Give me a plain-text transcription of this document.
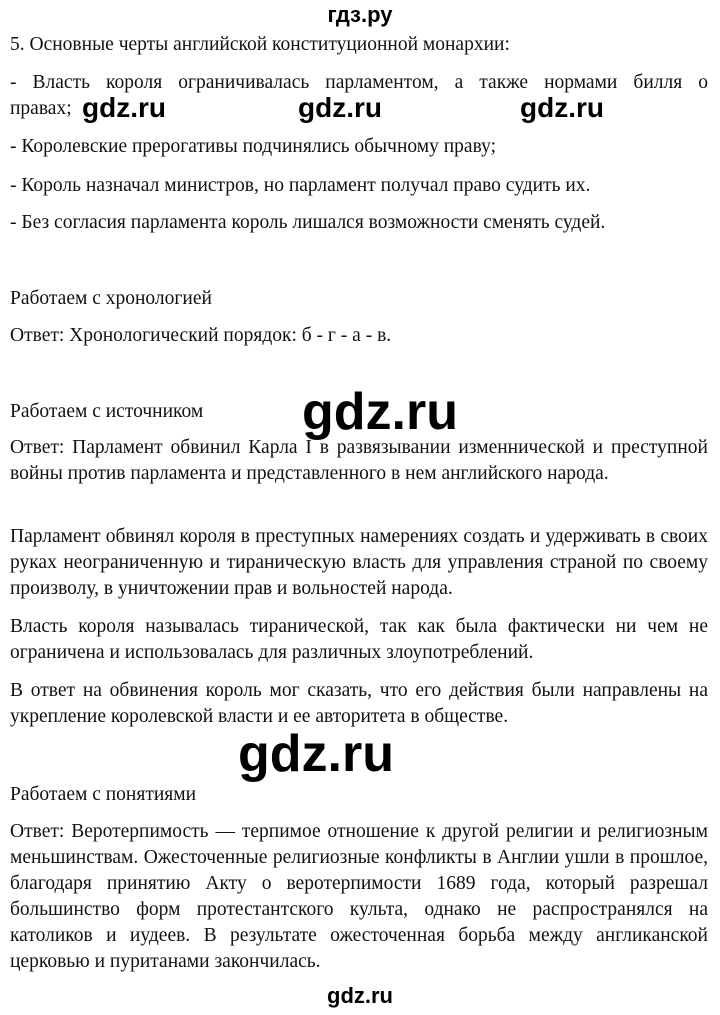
гдз.ру
5. Основные черты английской конституционной монархии:
- Власть короля ограничивалась парламентом, а также нормами билля о
правах; gdz.ru	gdz.ru	gdz.ru
- Королевские прерогативы подчинялись обычному праву;
- Король назначал министров, но парламент получал право судить их.
- Без согласия парламента король лишался возможности сменять судей.
Работаем с хронологией
Ответ: Хронологический порядок: б - г - а - в.
Работаем с источником	gdz.ru

Ответ: Парламент обвинил Карла I в развязывании изменнической и преступной войны против парламента и представленного в нем английского народа.

Парламент обвинял короля в преступных намерениях создать и удерживать в своих руках неограниченную и тираническую власть для управления страной по своему произволу, в уничтожении прав и вольностей народа.

Власть короля называлась тиранической, так как была фактически ни чем не ограничена и использовалась для различных злоупотреблений.

В ответ на обвинения король мог сказать, что его действия были направлены на укрепление королевской власти и ее авторитета в обществе.

gdz.ru
Работаем с понятиями

Ответ: Веротерпимость — терпимое отношение к другой религии и религиозным меньшинствам. Ожесточенные религиозные конфликты в Англии ушли в прошлое, благодаря принятию Акту о веротерпимости 1689 года, который разрешал большинство форм протестантского культа, однако не распространялся на католиков и иудеев. В результате ожесточенная борьба между англиканской церковью и пуританами закончилась.

gdz.ru
